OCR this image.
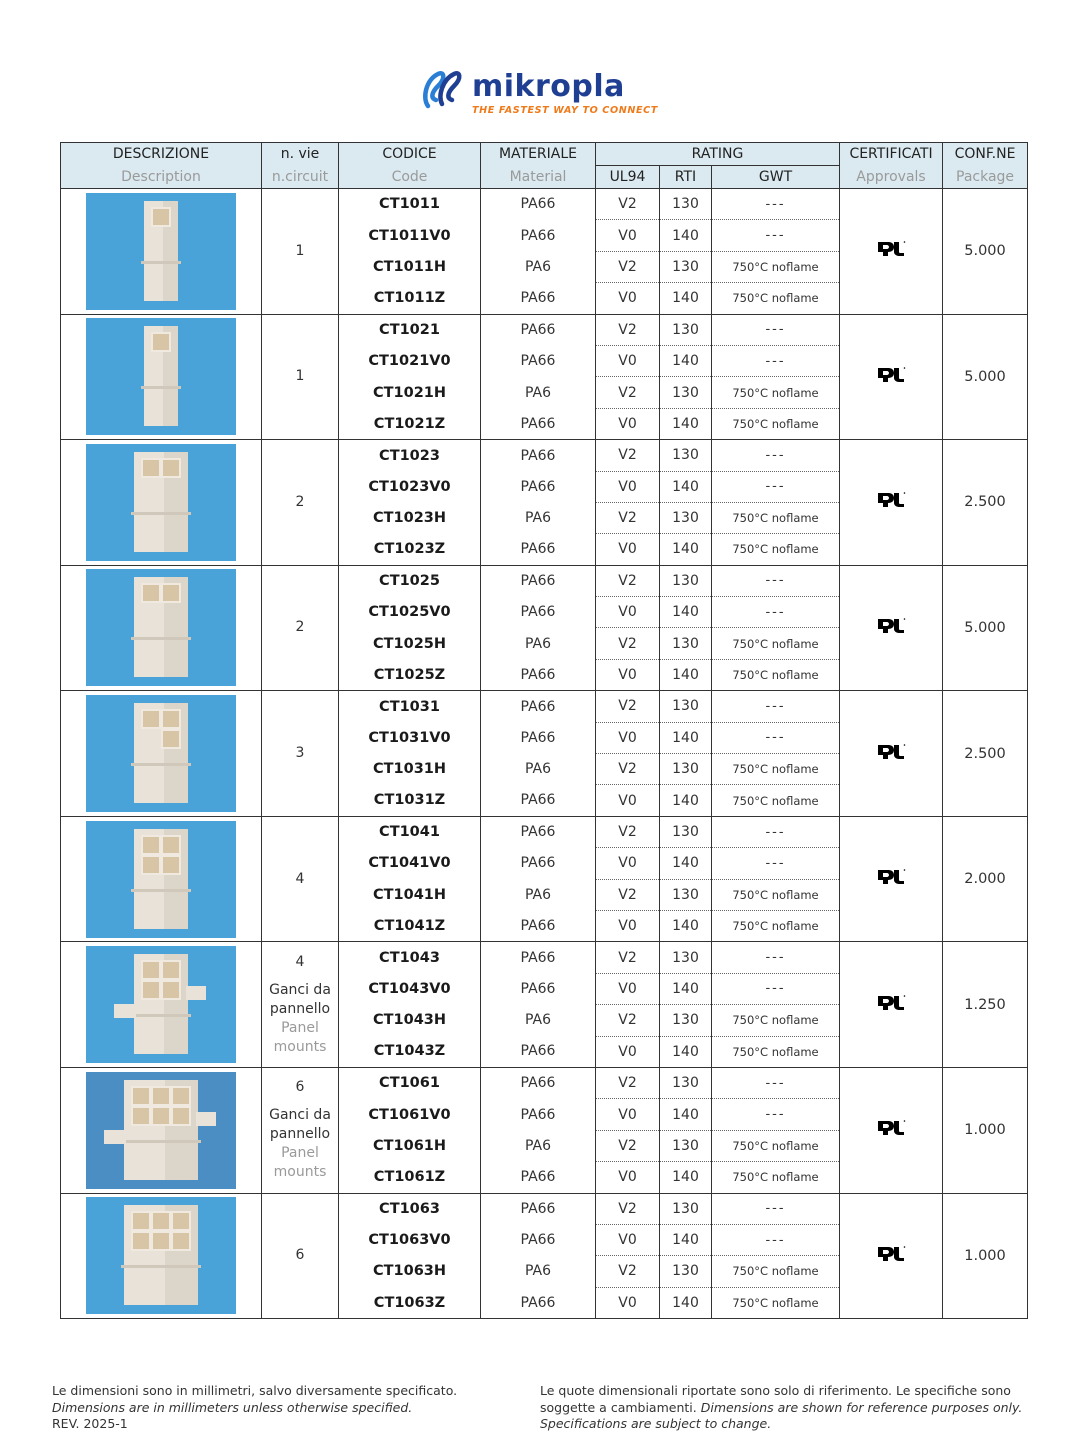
mikropla
THE FASTEST WAY TO CONNECT
DESCRIZIONE	n. vie	CODICE	MATERIALE	RATING			CERTIFICATI	CONF.NE
Description	n.circuit	Code	Material	UL94	RTI	GWT	Approvals	Package

	1	CT1011	PA66	V2	130	---		5.000
		CT1011V0	PA66	V0	140	---		
		CT1011H	PA6	V2	130	750°C noflame		
		CT1011Z	PA66	V0	140	750°C noflame		

	1	CT1021	PA66	V2	130	---		5.000
		CT1021V0	PA66	V0	140	---		
		CT1021H	PA6	V2	130	750°C noflame		
		CT1021Z	PA66	V0	140	750°C noflame		

	2	CT1023	PA66	V2	130	---		2.500
		CT1023V0	PA66	V0	140	---		
		CT1023H	PA6	V2	130	750°C noflame		
		CT1023Z	PA66	V0	140	750°C noflame		

	2	CT1025	PA66	V2	130	---		5.000
		CT1025V0	PA66	V0	140	---		
		CT1025H	PA6	V2	130	750°C noflame		
		CT1025Z	PA66	V0	140	750°C noflame		

	3	CT1031	PA66	V2	130	---		2.500
		CT1031V0	PA66	V0	140	---		
		CT1031H	PA6	V2	130	750°C noflame		
		CT1031Z	PA66	V0	140	750°C noflame		

	4	CT1041	PA66	V2	130	---		2.000
		CT1041V0	PA66	V0	140	---		
		CT1041H	PA6	V2	130	750°C noflame		
		CT1041Z	PA66	V0	140	750°C noflame		

	4
Ganci da pannello
Panel mounts	CT1043	PA66	V2	130	---		1.250
		CT1043V0	PA66	V0	140	---		
		CT1043H	PA6	V2	130	750°C noflame		
		CT1043Z	PA66	V0	140	750°C noflame		

	6
Ganci da pannello
Panel mounts	CT1061	PA66	V2	130	---		1.000
		CT1061V0	PA66	V0	140	---		
		CT1061H	PA6	V2	130	750°C noflame		
		CT1061Z	PA66	V0	140	750°C noflame		

	6	CT1063	PA66	V2	130	---		1.000
		CT1063V0	PA66	V0	140	---		
		CT1063H	PA6	V2	130	750°C noflame		
		CT1063Z	PA66	V0	140	750°C noflame		
Le dimensioni sono in millimetri, salvo diversamente specificato.
Dimensions are in millimeters unless otherwise specified.
REV. 2025-1
Le quote dimensionali riportate sono solo di riferimento. Le specifiche sono soggette a cambiamenti. Dimensions are shown for reference purposes only. Specifications are subject to change.
